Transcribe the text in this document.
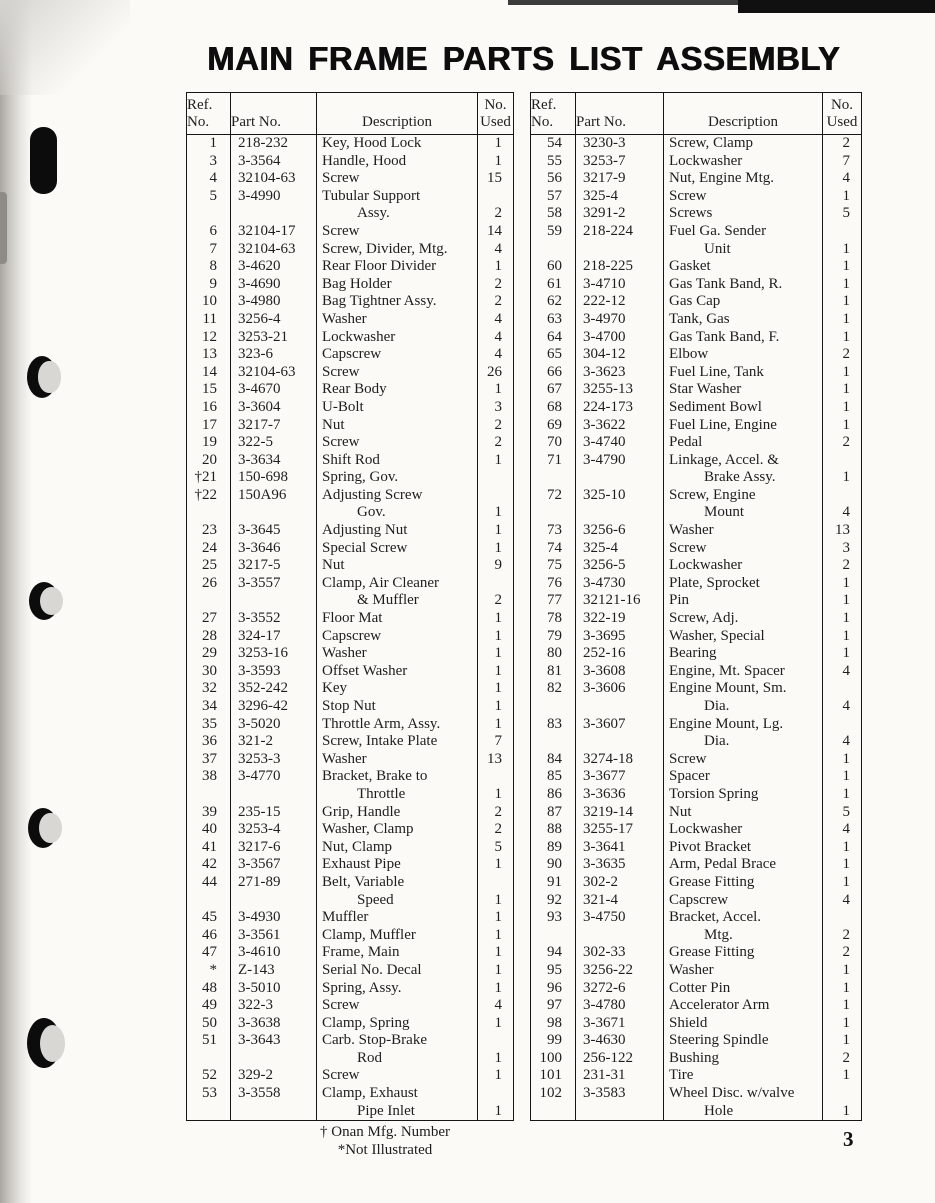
MAIN FRAME PARTS LIST ASSEMBLY
Ref.
No.	Part No.	Description	No.
Used
1	218-232	Key, Hood Lock	1
3	3-3564	Handle, Hood	1
4	32104-63	Screw	15
5	3-4990	Tubular Support	
		Assy.	2
6	32104-17	Screw	14
7	32104-63	Screw, Divider, Mtg.	4
8	3-4620	Rear Floor Divider	1
9	3-4690	Bag Holder	2
10	3-4980	Bag Tightner Assy.	2
11	3256-4	Washer	4
12	3253-21	Lockwasher	4
13	323-6	Capscrew	4
14	32104-63	Screw	26
15	3-4670	Rear Body	1
16	3-3604	U-Bolt	3
17	3217-7	Nut	2
19	322-5	Screw	2
20	3-3634	Shift Rod	1
†21	150-698	Spring, Gov.	
†22	150A96	Adjusting Screw	
		Gov.	1
23	3-3645	Adjusting Nut	1
24	3-3646	Special Screw	1
25	3217-5	Nut	9
26	3-3557	Clamp, Air Cleaner	
		& Muffler	2
27	3-3552	Floor Mat	1
28	324-17	Capscrew	1
29	3253-16	Washer	1
30	3-3593	Offset Washer	1
32	352-242	Key	1
34	3296-42	Stop Nut	1
35	3-5020	Throttle Arm, Assy.	1
36	321-2	Screw, Intake Plate	7
37	3253-3	Washer	13
38	3-4770	Bracket, Brake to	
		Throttle	1
39	235-15	Grip, Handle	2
40	3253-4	Washer, Clamp	2
41	3217-6	Nut, Clamp	5
42	3-3567	Exhaust Pipe	1
44	271-89	Belt, Variable	
		Speed	1
45	3-4930	Muffler	1
46	3-3561	Clamp, Muffler	1
47	3-4610	Frame, Main	1
*	Z-143	Serial No. Decal	1
48	3-5010	Spring, Assy.	1
49	322-3	Screw	4
50	3-3638	Clamp, Spring	1
51	3-3643	Carb. Stop-Brake	
		Rod	1
52	329-2	Screw	1
53	3-3558	Clamp, Exhaust	
		Pipe Inlet	1
Ref.
No.	Part No.	Description	No.
Used
54	3230-3	Screw, Clamp	2
55	3253-7	Lockwasher	7
56	3217-9	Nut, Engine Mtg.	4
57	325-4	Screw	1
58	3291-2	Screws	5
59	218-224	Fuel Ga. Sender	
		Unit	1
60	218-225	Gasket	1
61	3-4710	Gas Tank Band, R.	1
62	222-12	Gas Cap	1
63	3-4970	Tank, Gas	1
64	3-4700	Gas Tank Band, F.	1
65	304-12	Elbow	2
66	3-3623	Fuel Line, Tank	1
67	3255-13	Star Washer	1
68	224-173	Sediment Bowl	1
69	3-3622	Fuel Line, Engine	1
70	3-4740	Pedal	2
71	3-4790	Linkage, Accel. &	
		Brake Assy.	1
72	325-10	Screw, Engine	
		Mount	4
73	3256-6	Washer	13
74	325-4	Screw	3
75	3256-5	Lockwasher	2
76	3-4730	Plate, Sprocket	1
77	32121-16	Pin	1
78	322-19	Screw, Adj.	1
79	3-3695	Washer, Special	1
80	252-16	Bearing	1
81	3-3608	Engine, Mt. Spacer	4
82	3-3606	Engine Mount, Sm.	
		Dia.	4
83	3-3607	Engine Mount, Lg.	
		Dia.	4
84	3274-18	Screw	1
85	3-3677	Spacer	1
86	3-3636	Torsion Spring	1
87	3219-14	Nut	5
88	3255-17	Lockwasher	4
89	3-3641	Pivot Bracket	1
90	3-3635	Arm, Pedal Brace	1
91	302-2	Grease Fitting	1
92	321-4	Capscrew	4
93	3-4750	Bracket, Accel.	
		Mtg.	2
94	302-33	Grease Fitting	2
95	3256-22	Washer	1
96	3272-6	Cotter Pin	1
97	3-4780	Accelerator Arm	1
98	3-3671	Shield	1
99	3-4630	Steering Spindle	1
100	256-122	Bushing	2
101	231-31	Tire	1
102	3-3583	Wheel Disc. w/valve	
		Hole	1
† Onan Mfg. Number
*Not Illustrated	3
